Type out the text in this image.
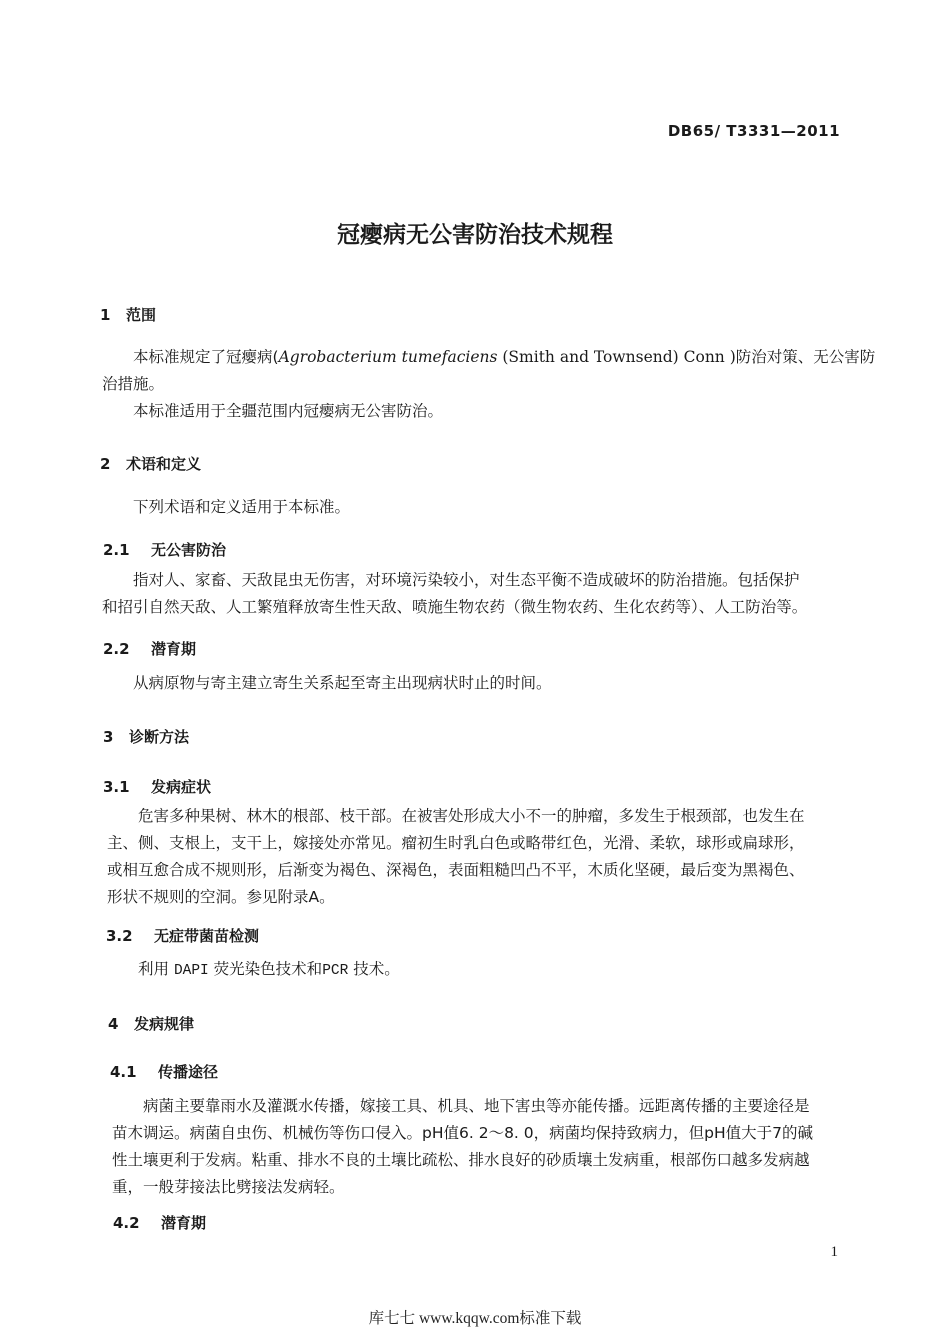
DB65/ T3331—2011
冠瘿病无公害防治技术规程
1 范围
本标准规定了冠瘿病(Agrobacterium tumefaciens (Smith and Townsend) Conn )防治对策、无公害防
治措施。
本标准适用于全疆范围内冠瘿病无公害防治。
2 术语和定义
下列术语和定义适用于本标准。
2.1 无公害防治
指对人、家畜、天敌昆虫无伤害，对环境污染较小，对生态平衡不造成破坏的防治措施。包括保护
和招引自然天敌、人工繁殖释放寄生性天敌、喷施生物农药（微生物农药、生化农药等）、人工防治等。
2.2 潜育期
从病原物与寄主建立寄生关系起至寄主出现病状时止的时间。
3 诊断方法
3.1 发病症状
危害多种果树、林木的根部、枝干部。在被害处形成大小不一的肿瘤，多发生于根颈部，也发生在
主、侧、支根上，支干上，嫁接处亦常见。瘤初生时乳白色或略带红色，光滑、柔软，球形或扁球形，
或相互愈合成不规则形，后渐变为褐色、深褐色，表面粗糙凹凸不平，木质化坚硬，最后变为黑褐色、
形状不规则的空洞。参见附录A。
3.2 无症带菌苗检测
利用 DAPI 荧光染色技术和PCR 技术。
4 发病规律
4.1 传播途径
病菌主要靠雨水及灌溉水传播，嫁接工具、机具、地下害虫等亦能传播。远距离传播的主要途径是
苗木调运。病菌自虫伤、机械伤等伤口侵入。pH值6. 2～8. 0，病菌均保持致病力，但pH值大于7的碱
性土壤更利于发病。粘重、排水不良的土壤比疏松、排水良好的砂质壤土发病重，根部伤口越多发病越
重，一般芽接法比劈接法发病轻。
4.2 潜育期
1
库七七 www.kqqw.com标准下载
